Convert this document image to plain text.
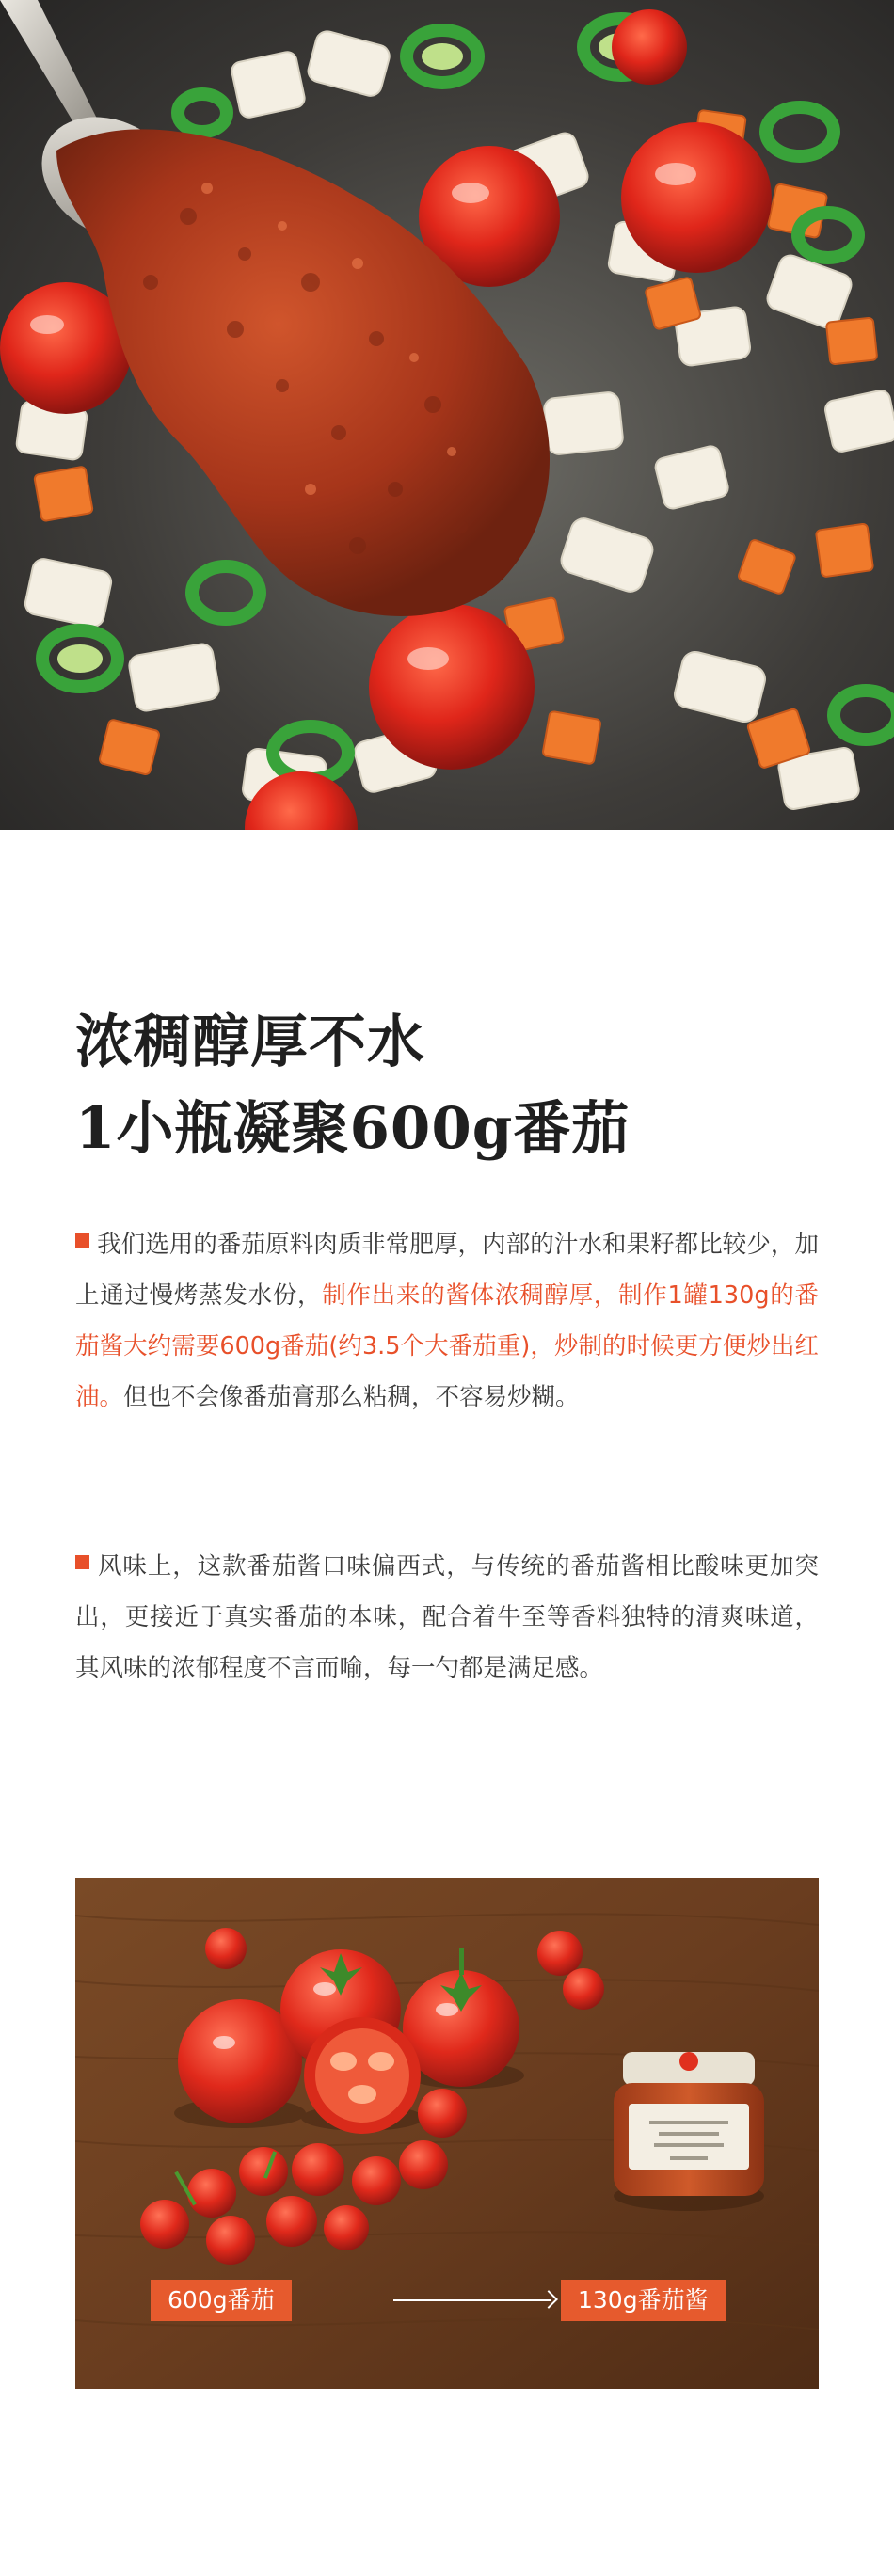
浓稠醇厚不水
1小瓶凝聚600g番茄
我们选用的番茄原料肉质非常肥厚，内部的汁水和果籽都比较少，加上通过慢烤蒸发水份，制作出来的酱体浓稠醇厚，制作1罐130g的番茄酱大约需要600g番茄(约3.5个大番茄重)，炒制的时候更方便炒出红油。但也不会像番茄膏那么粘稠，不容易炒糊。
风味上，这款番茄酱口味偏西式，与传统的番茄酱相比酸味更加突出，更接近于真实番茄的本味，配合着牛至等香料独特的清爽味道，其风味的浓郁程度不言而喻，每一勺都是满足感。
600g番茄	130g番茄酱
